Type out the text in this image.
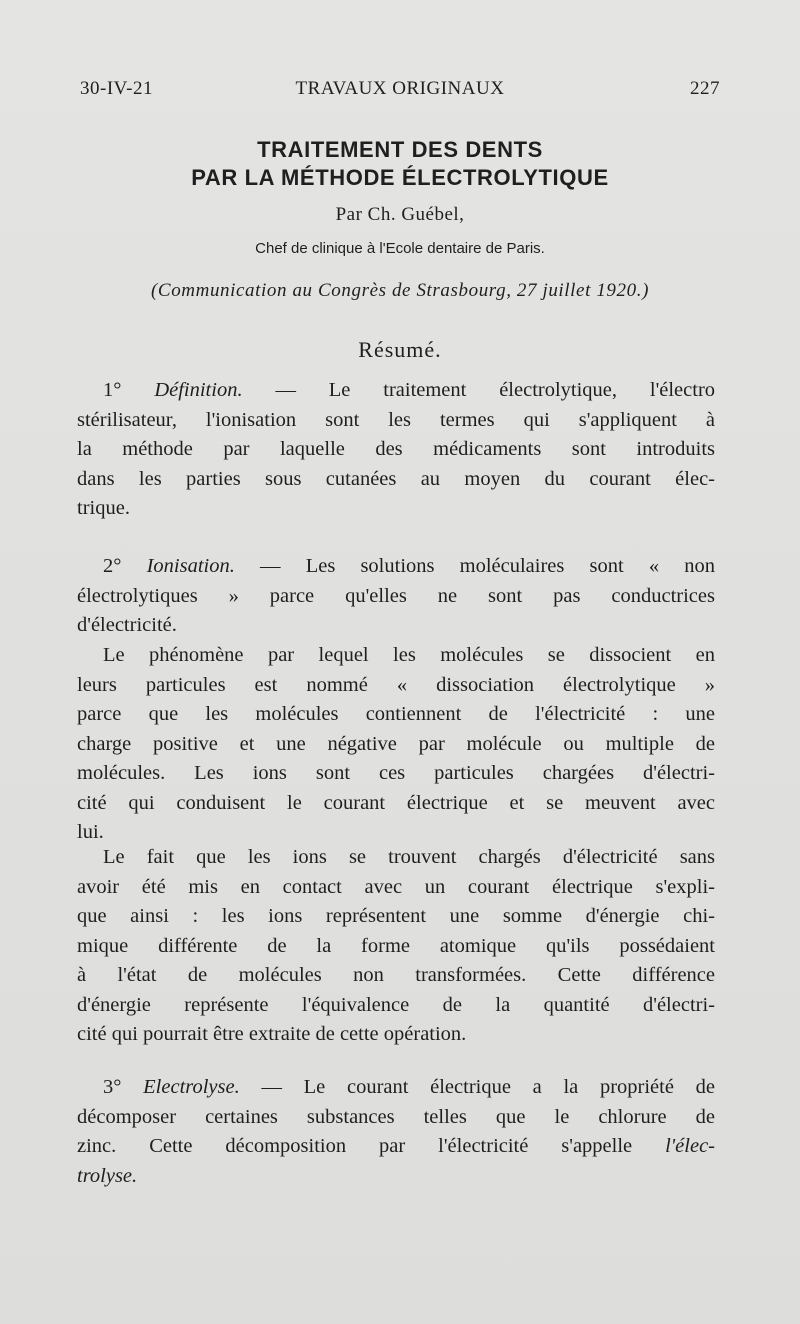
30-IV-21	TRAVAUX ORIGINAUX	227
TRAITEMENT DES DENTS
PAR LA MÉTHODE ÉLECTROLYTIQUE
Par Ch. Guébel,
Chef de clinique à l'Ecole dentaire de Paris.
(Communication au Congrès de Strasbourg, 27 juillet 1920.)
Résumé.
1° Définition. — Le traitement électrolytique, l'électro
stérilisateur, l'ionisation sont les termes qui s'appliquent à
la méthode par laquelle des médicaments sont introduits
dans les parties sous cutanées au moyen du courant élec-
trique.
2° Ionisation. — Les solutions moléculaires sont « non
électrolytiques » parce qu'elles ne sont pas conductrices
d'électricité.
Le phénomène par lequel les molécules se dissocient en
leurs particules est nommé « dissociation électrolytique »
parce que les molécules contiennent de l'électricité : une
charge positive et une négative par molécule ou multiple de
molécules. Les ions sont ces particules chargées d'électri-
cité qui conduisent le courant électrique et se meuvent avec
lui.
Le fait que les ions se trouvent chargés d'électricité sans
avoir été mis en contact avec un courant électrique s'expli-
que ainsi : les ions représentent une somme d'énergie chi-
mique différente de la forme atomique qu'ils possédaient
à l'état de molécules non transformées. Cette différence
d'énergie représente l'équivalence de la quantité d'électri-
cité qui pourrait être extraite de cette opération.
3° Electrolyse. — Le courant électrique a la propriété de
décomposer certaines substances telles que le chlorure de
zinc. Cette décomposition par l'électricité s'appelle l'élec-
trolyse.
